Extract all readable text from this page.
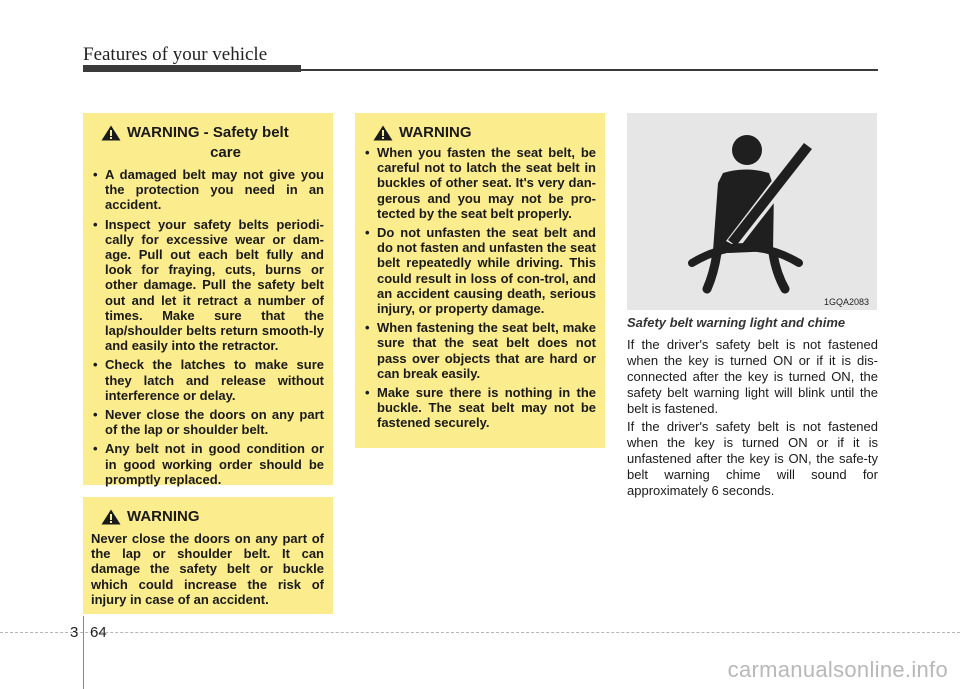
Features of your vehicle
WARNING - Safety belt
care
• A damaged belt may not give you the protection you need in an accident.
• Inspect your safety belts periodi-cally for excessive wear or dam-age. Pull out each belt fully and look for fraying, cuts, burns or other damage. Pull the safety belt out and let it retract a number of times. Make sure that the lap/shoulder belts return smooth-ly and easily into the retractor.
• Check the latches to make sure they latch and release without interference or delay.
• Never close the doors on any part of the lap or shoulder belt.
• Any belt not in good condition or in good working order should be promptly replaced.
WARNING
Never close the doors on any part of the lap or shoulder belt. It can damage the safety belt or buckle which could increase the risk of injury in case of an accident.
WARNING
• When you fasten the seat belt, be careful not to latch the seat belt in buckles of other seat. It's very dan-gerous and you may not be pro-tected by the seat belt properly.
• Do not unfasten the seat belt and do not fasten and unfasten the seat belt repeatedly while driving. This could result in loss of con-trol, and an accident causing death, serious injury, or property damage.
• When fastening the seat belt, make sure that the seat belt does not pass over objects that are hard or can break easily.
• Make sure there is nothing in the buckle. The seat belt may not be fastened securely.
1GQA2083
Safety belt warning light and chime

If the driver's safety belt is not fastened when the key is turned ON or if it is dis-connected after the key is turned ON, the safety belt warning light will blink until the belt is fastened.

If the driver's safety belt is not fastened when the key is turned ON or if it is unfastened after the key is ON, the safe-ty belt warning chime will sound for approximately 6 seconds.

3 64
carmanualsonline.info
